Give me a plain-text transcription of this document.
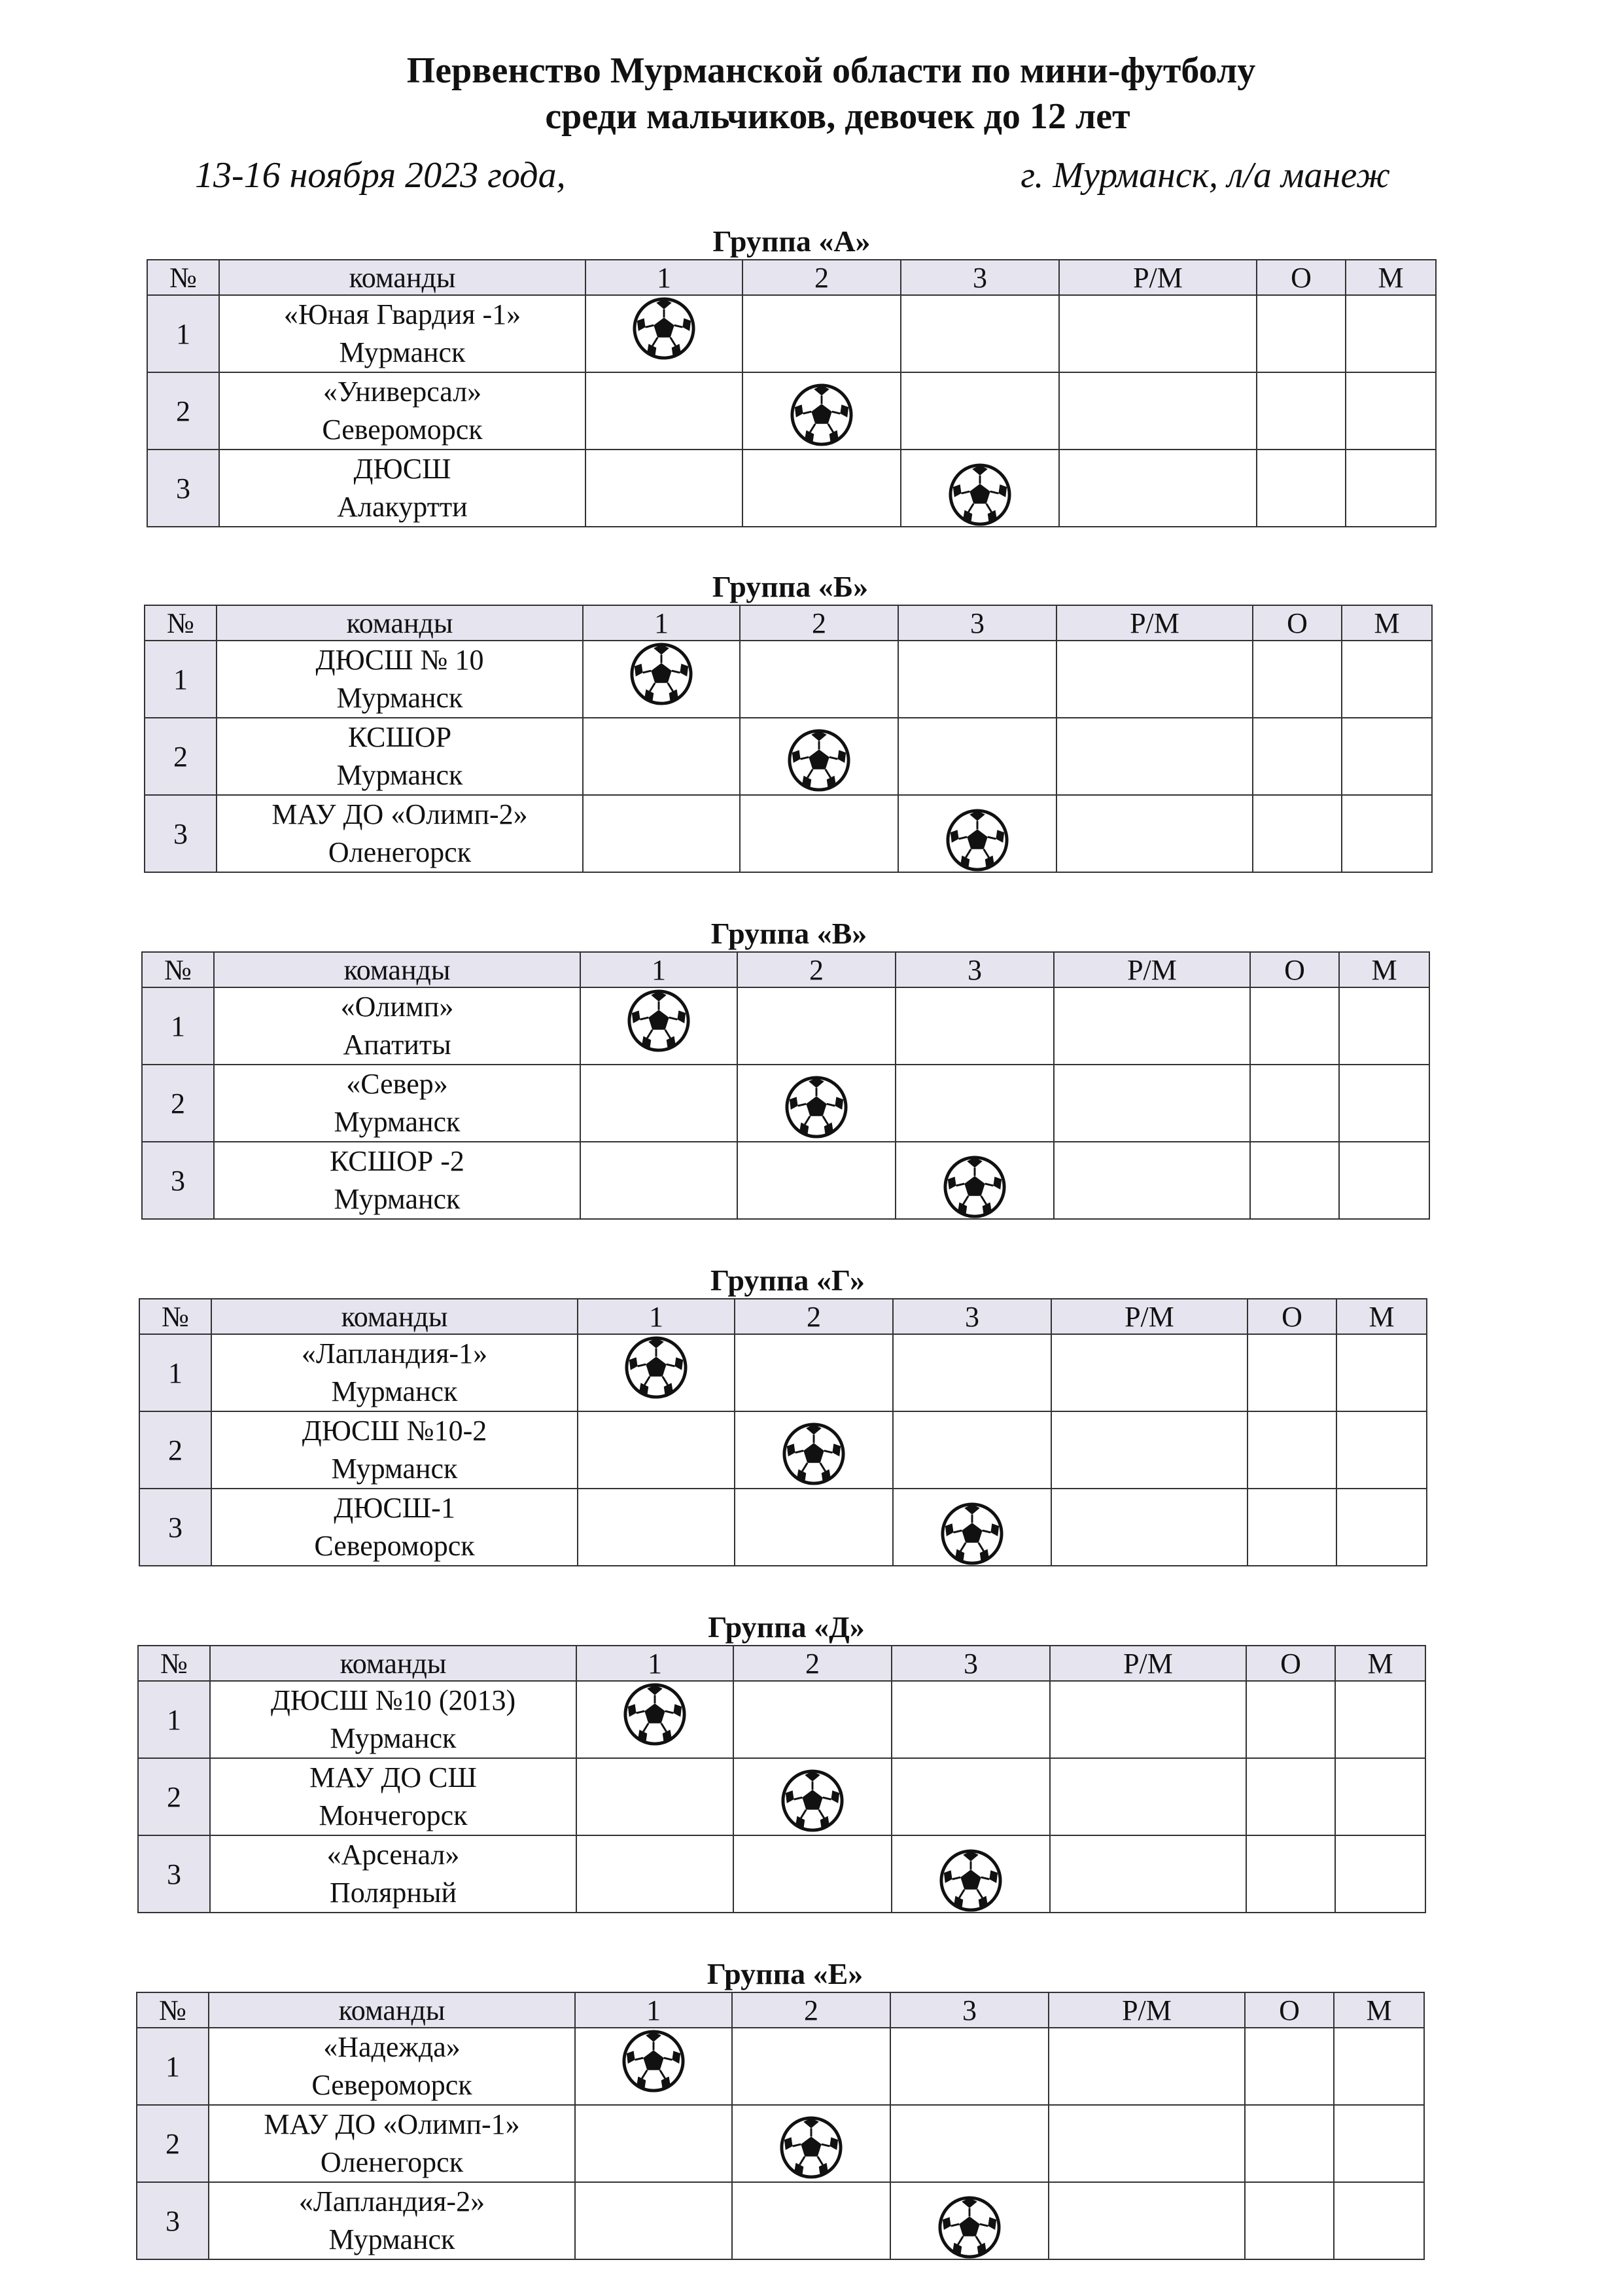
Первенство Мурманской области по мини-футболу
среди мальчиков, девочек до 12 лет
13-16 ноября 2023 года,	г. Мурманск, л/а манеж
Группа «А»
№	команды	1	2	3	Р/М	О	М
1	«Юная Гвардия -1»
Мурманск

2	«Универсал»
Североморск

3	ДЮСШ
Алакуртти

Группа «Б»
№	команды	1	2	3	Р/М	О	М
1	ДЮСШ № 10
Мурманск

2	КСШОР
Мурманск

3	МАУ ДО «Олимп-2»
Оленегорск

Группа «В»
№	команды	1	2	3	Р/М	О	М
1	«Олимп»
Апатиты

2	«Север»
Мурманск

3	КСШОР -2
Мурманск

Группа «Г»
№	команды	1	2	3	Р/М	О	М
1	«Лапландия-1»
Мурманск

2	ДЮСШ №10-2
Мурманск

3	ДЮСШ-1
Североморск

Группа «Д»
№	команды	1	2	3	Р/М	О	М
1	ДЮСШ №10 (2013)
Мурманск

2	МАУ ДО СШ
Мончегорск

3	«Арсенал»
Полярный

Группа «Е»
№	команды	1	2	3	Р/М	О	М
1	«Надежда»
Североморск

2	МАУ ДО «Олимп-1»
Оленегорск

3	«Лапландия-2»
Мурманск
